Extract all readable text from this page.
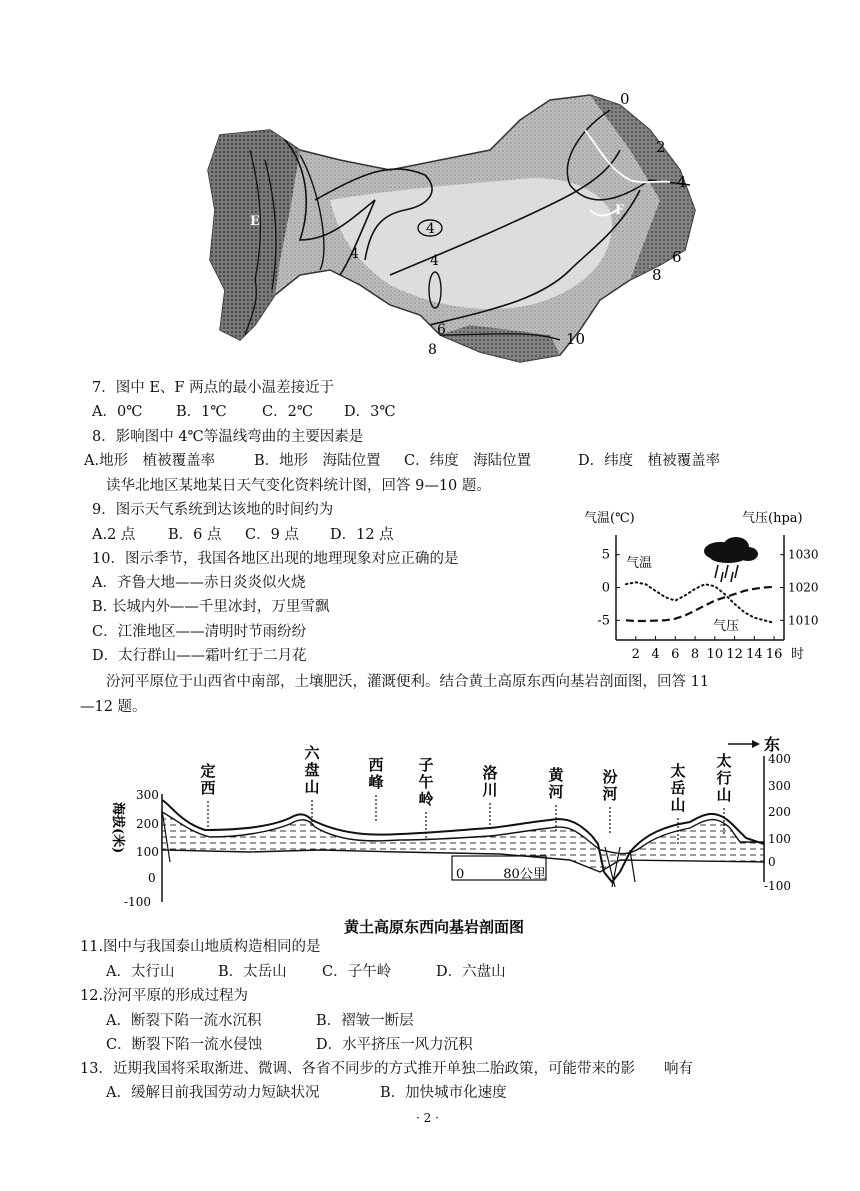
0
2
4
6
8
10
4
4
4
6
8
E
F
7．图中 E、F 两点的最小温差接近于
A．0℃ B．1℃ C．2℃ D．3℃
8．影响图中 4℃等温线弯曲的主要因素是
A.地形　植被覆盖率	B．地形　海陆位置 C．纬度　海陆位置	D．纬度　植被覆盖率
读华北地区某地某日天气变化资料统计图，回答 9—10 题。
9．图示天气系统到达该地的时间约为
A.2 点 B．6 点 C．9 点 D．12 点
10．图示季节，我国各地区出现的地理现象对应正确的是
A．齐鲁大地——赤日炎炎似火烧
B. 长城内外——千里冰封，万里雪飘
C．江淮地区——清明时节雨纷纷
D．太行群山——霜叶红于二月花
气温(℃)	气压(hpa)
5
0
-5
1030
1020
1010
2 4 6 8 10 12 14 16 时
气温
气压
汾河平原位于山西省中南部，土壤肥沃，灌溉便利。结合黄土高原东西向基岩剖面图，回答 11
—12 题。
东
300
200
100
0
-100
海拔(米)
400
300
200
100
0
-100
0　　　80公里
定西
六盘山
西峰
子午岭
洛川
黄河
汾河
太岳山
太行山
黄土高原东西向基岩剖面图
11.图中与我国泰山地质构造相同的是
A．太行山	B．太岳山 C．子午岭	D．六盘山
12.汾河平原的形成过程为
A．断裂下陷一流水沉积	B．褶皱一断层
C．断裂下陷一流水侵蚀	D．水平挤压一风力沉积
13．近期我国将采取渐进、微调、各省不同步的方式推开单独二胎政策，可能带来的影　　响有
A．缓解目前我国劳动力短缺状况	B．加快城市化速度
· 2 ·
